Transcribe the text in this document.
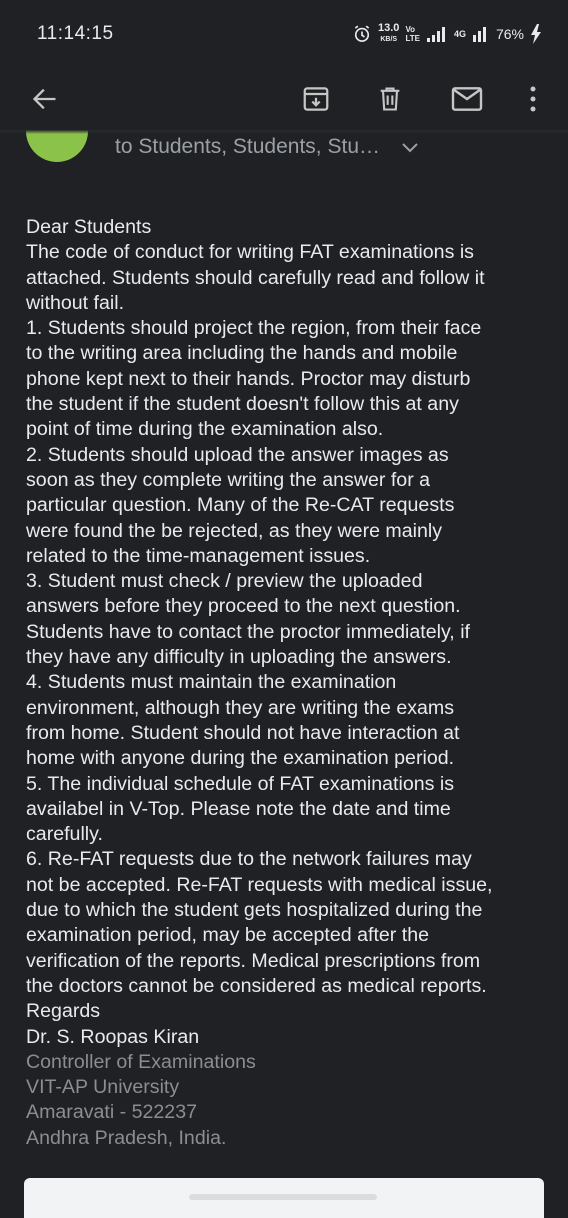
11:14:15	13.0
KB/S
Vo
LTE	4G 76%
to Students, Students, Stu…
Dear Students
The code of conduct for writing FAT examinations is
attached. Students should carefully read and follow it
without fail.
1. Students should project the region, from their face
to the writing area including the hands and mobile
phone kept next to their hands. Proctor may disturb
the student if the student doesn't follow this at any
point of time during the examination also.
2. Students should upload the answer images as
soon as they complete writing the answer for a
particular question. Many of the Re-CAT requests
were found the be rejected, as they were mainly
related to the time-management issues.
3. Student must check / preview the uploaded
answers before they proceed to the next question.
Students have to contact the proctor immediately, if
they have any difficulty in uploading the answers.
4. Students must maintain the examination
environment, although they are writing the exams
from home. Student should not have interaction at
home with anyone during the examination period.
5. The individual schedule of FAT examinations is
availabel in V-Top. Please note the date and time
carefully.
6. Re-FAT requests due to the network failures may
not be accepted. Re-FAT requests with medical issue,
due to which the student gets hospitalized during the
examination period, may be accepted after the
verification of the reports. Medical prescriptions from
the doctors cannot be considered as medical reports.
Regards
Dr. S. Roopas Kiran
Controller of Examinations
VIT-AP University
Amaravati - 522237
Andhra Pradesh, India.
